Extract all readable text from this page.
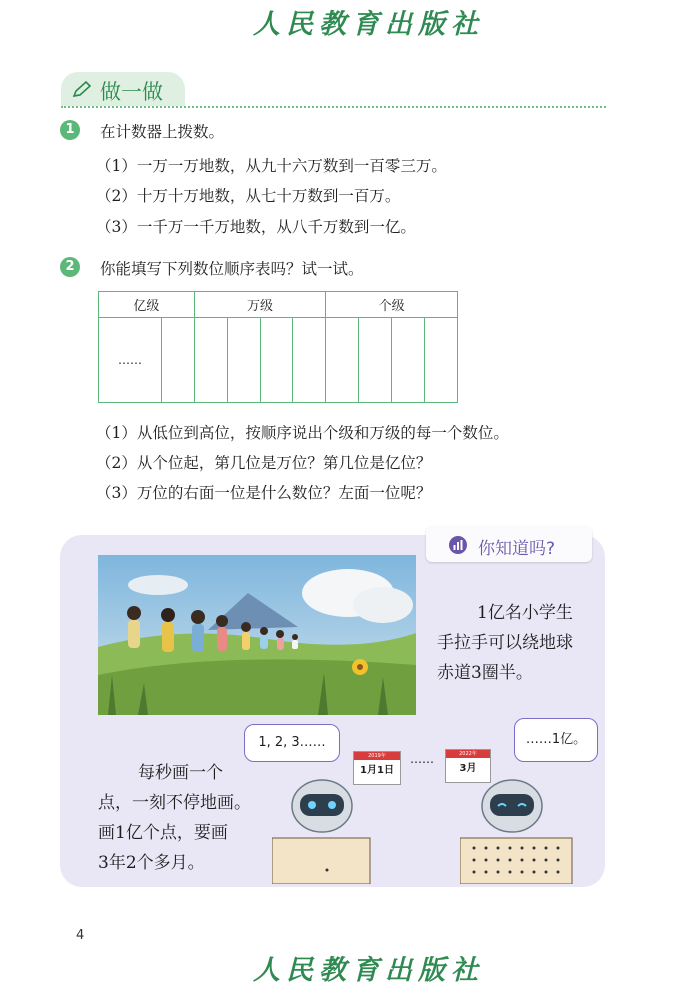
人民教育出版社
做一做
1	在计数器上拨数。
（1）一万一万地数，从九十六万数到一百零三万。
（2）十万十万地数，从七十万数到一百万。
（3）一千万一千万地数，从八千万数到一亿。
2	你能填写下列数位顺序表吗？试一试。
亿级		万级				个级			
……									
（1）从低位到高位，按顺序说出个级和万级的每一个数位。
（2）从个位起，第几位是万位？第几位是亿位？
（3）万位的右面一位是什么数位？左面一位呢？
你知道吗?
1亿名小学生
手拉手可以绕地球
赤道3圈半。
每秒画一个
点，一刻不停地画。
画1亿个点，要画
3年2个多月。
1, 2, 3……	……1亿。
2019年
1月1日
……	2022年
3月
4
人民教育出版社
